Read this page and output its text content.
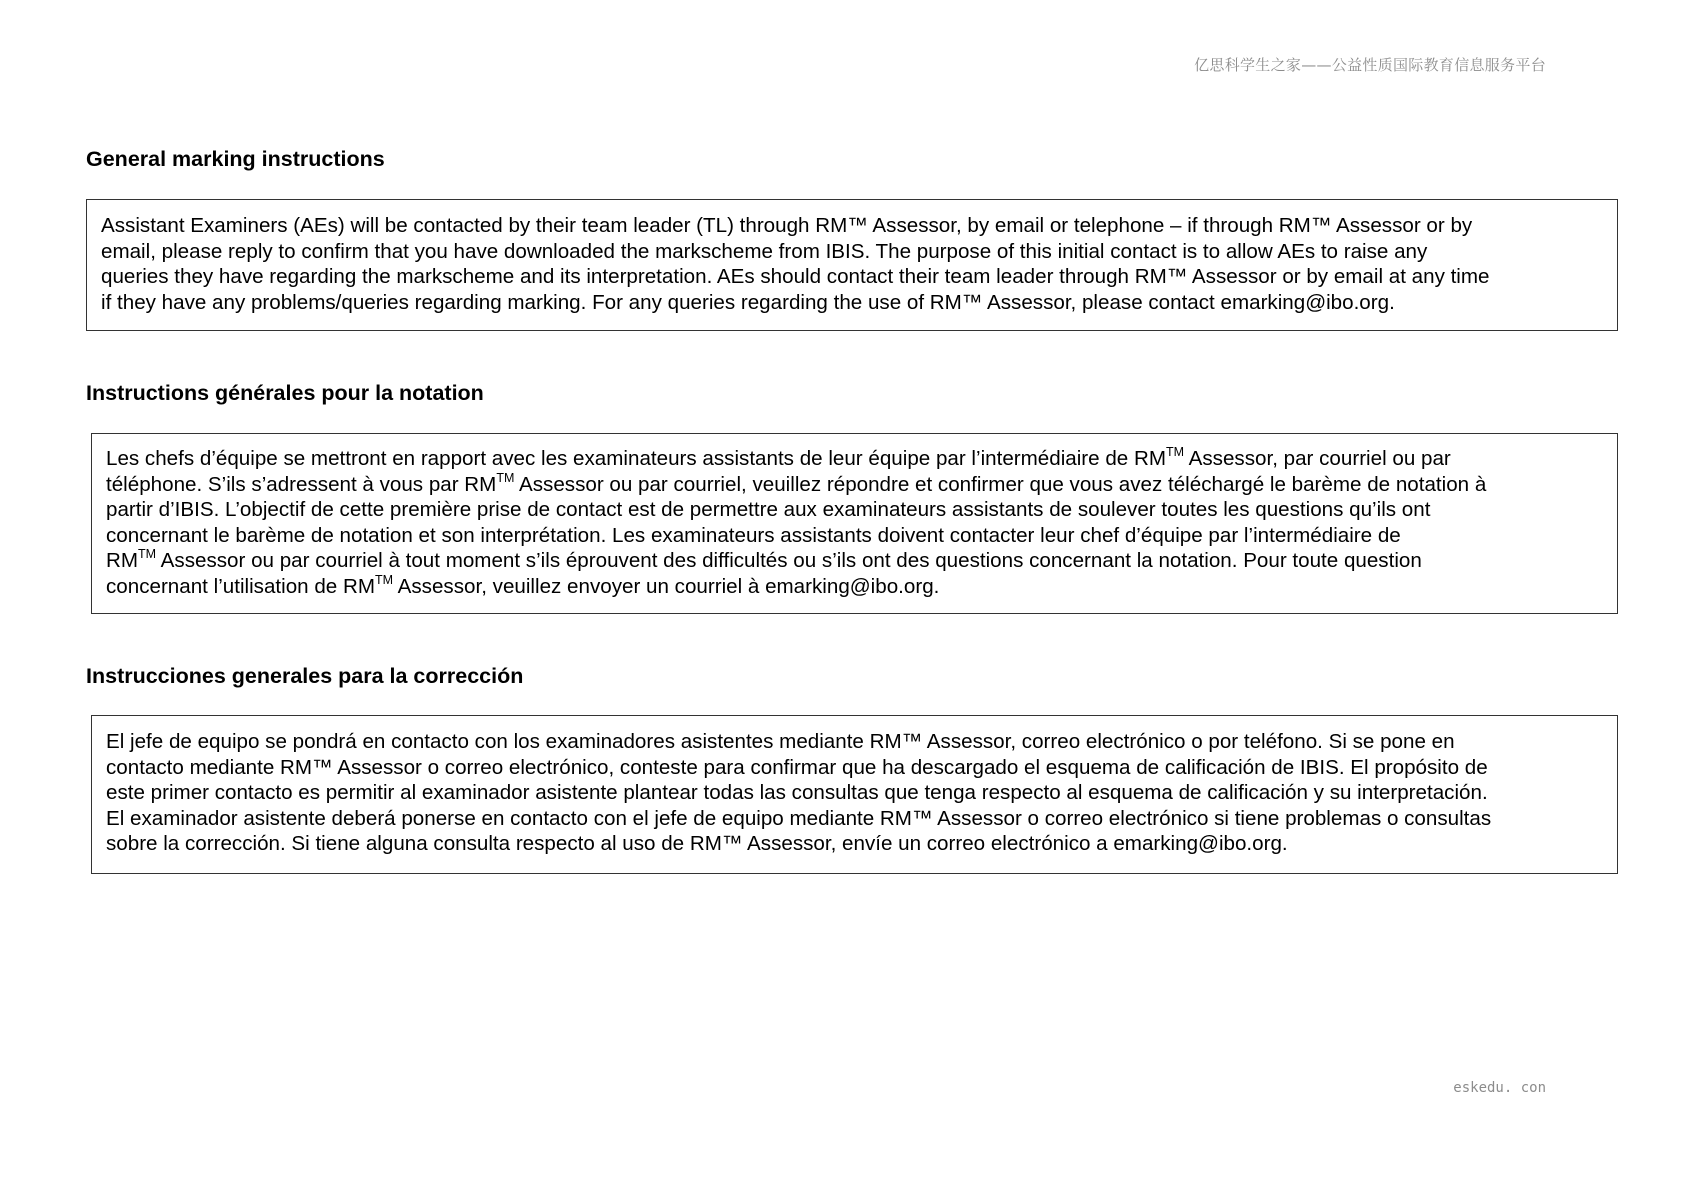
亿思科学生之家——公益性质国际教育信息服务平台
General marking instructions

Assistant Examiners (AEs) will be contacted by their team leader (TL) through RM™ Assessor, by email or telephone – if through RM™ Assessor or by

email, please reply to confirm that you have downloaded the markscheme from IBIS. The purpose of this initial contact is to allow AEs to raise any

queries they have regarding the markscheme and its interpretation. AEs should contact their team leader through RM™ Assessor or by email at any time

if they have any problems/queries regarding marking. For any queries regarding the use of RM™ Assessor, please contact emarking@ibo.org.

Instructions générales pour la notation

Les chefs d’équipe se mettront en rapport avec les examinateurs assistants de leur équipe par l’intermédiaire de RM™ Assessor, par courriel ou par

téléphone. S’ils s’adressent à vous par RM™ Assessor ou par courriel, veuillez répondre et confirmer que vous avez téléchargé le barème de notation à

partir d’IBIS. L’objectif de cette première prise de contact est de permettre aux examinateurs assistants de soulever toutes les questions qu’ils ont

concernant le barème de notation et son interprétation. Les examinateurs assistants doivent contacter leur chef d’équipe par l’intermédiaire de

RM™ Assessor ou par courriel à tout moment s’ils éprouvent des difficultés ou s’ils ont des questions concernant la notation. Pour toute question

concernant l’utilisation de RM™ Assessor, veuillez envoyer un courriel à emarking@ibo.org.

Instrucciones generales para la corrección

El jefe de equipo se pondrá en contacto con los examinadores asistentes mediante RM™ Assessor, correo electrónico o por teléfono. Si se pone en

contacto mediante RM™ Assessor o correo electrónico, conteste para confirmar que ha descargado el esquema de calificación de IBIS. El propósito de

este primer contacto es permitir al examinador asistente plantear todas las consultas que tenga respecto al esquema de calificación y su interpretación.

El examinador asistente deberá ponerse en contacto con el jefe de equipo mediante RM™ Assessor o correo electrónico si tiene problemas o consultas

sobre la corrección. Si tiene alguna consulta respecto al uso de RM™ Assessor, envíe un correo electrónico a emarking@ibo.org.

eskedu. con
